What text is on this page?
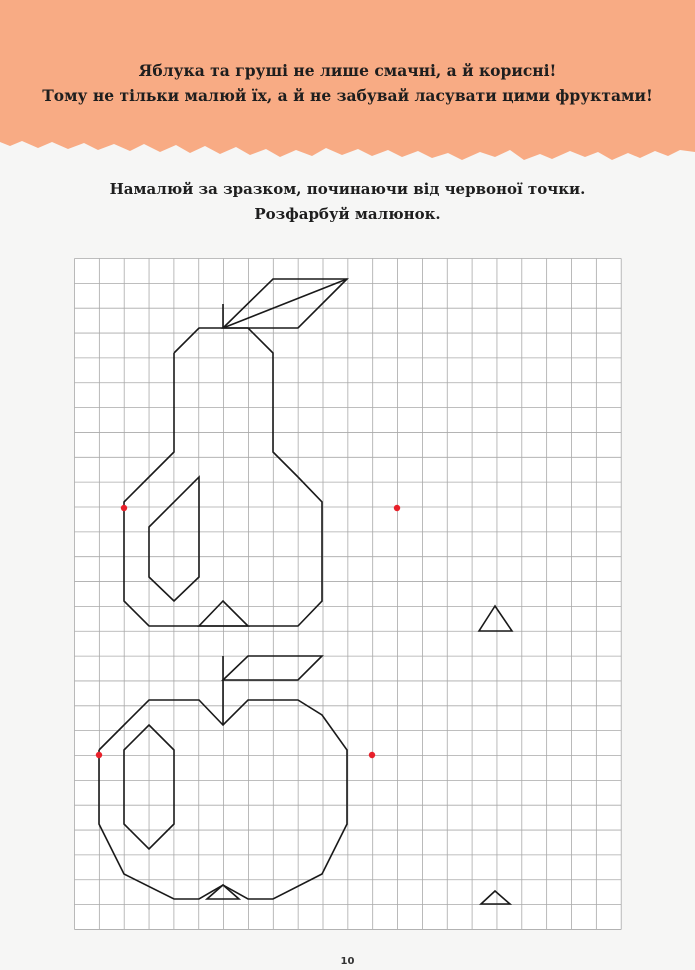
Яблука та груші не лише смачні, а й корисні!
Тому не тільки малюй їх, а й не забувай ласувати цими фруктами!
Намалюй за зразком, починаючи від червоної точки.
Розфарбуй малюнок.
10
